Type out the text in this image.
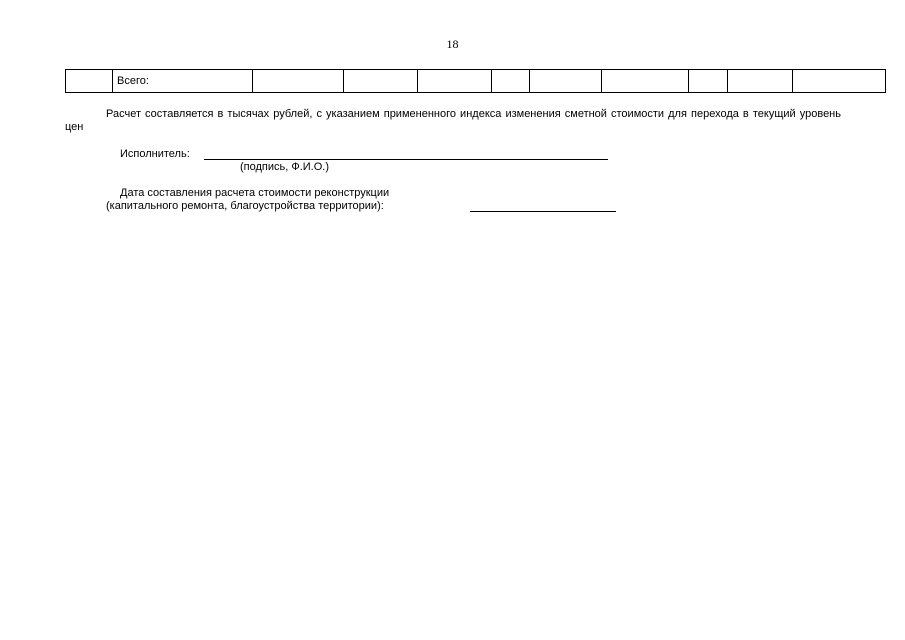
18
	Всего:									
Расчет составляется в тысячах рублей, с указанием примененного индекса изменения сметной стоимости для перехода в текущий уровень цен
Исполнитель:
(подпись, Ф.И.О.)
Дата составления расчета стоимости реконструкции
(капитального ремонта, благоустройства территории):
